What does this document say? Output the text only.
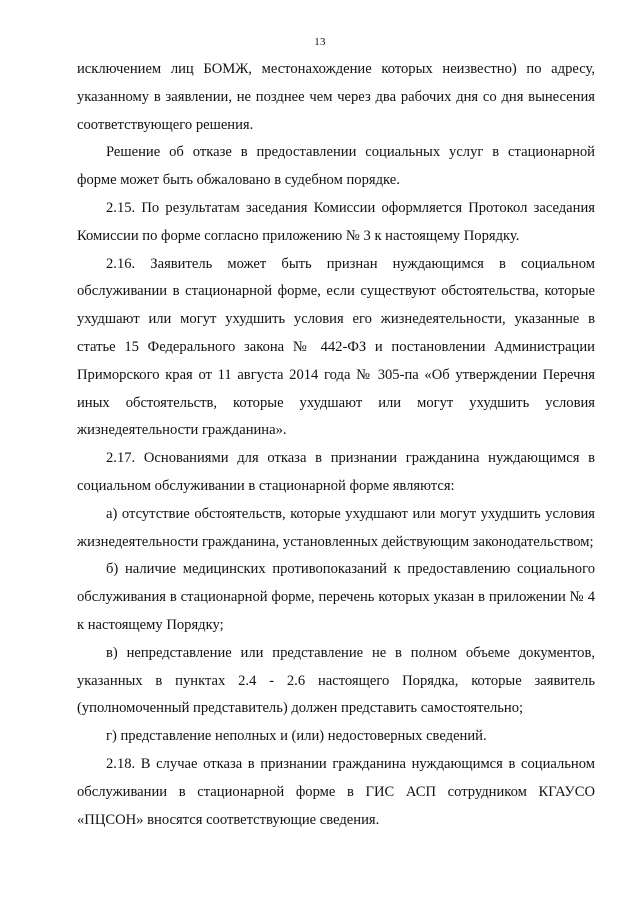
13

исключением лиц БОМЖ, местонахождение которых неизвестно) по адресу, указанному в заявлении, не позднее чем через два рабочих дня со дня вынесения соответствующего решения.

Решение об отказе в предоставлении социальных услуг в стационарной форме может быть обжаловано в судебном порядке.

2.15. По результатам заседания Комиссии оформляется Протокол заседания Комиссии по форме согласно приложению № 3 к настоящему Порядку.

2.16. Заявитель может быть признан нуждающимся в социальном обслуживании в стационарной форме, если существуют обстоятельства, которые ухудшают или могут ухудшить условия его жизнедеятельности, указанные в статье 15 Федерального закона № 442-ФЗ и постановлении Администрации Приморского края от 11 августа 2014 года № 305-па «Об утверждении Перечня иных обстоятельств, которые ухудшают или могут ухудшить условия жизнедеятельности гражданина».

2.17. Основаниями для отказа в признании гражданина нуждающимся в социальном обслуживании в стационарной форме являются:

а) отсутствие обстоятельств, которые ухудшают или могут ухудшить условия жизнедеятельности гражданина, установленных действующим законодательством;

б) наличие медицинских противопоказаний к предоставлению социального обслуживания в стационарной форме, перечень которых указан в приложении № 4 к настоящему Порядку;

в) непредставление или представление не в полном объеме документов, указанных в пунктах 2.4 - 2.6 настоящего Порядка, которые заявитель (уполномоченный представитель) должен представить самостоятельно;

г) представление неполных и (или) недостоверных сведений.

2.18. В случае отказа в признании гражданина нуждающимся в социальном обслуживании в стационарной форме в ГИС АСП сотрудником КГАУСО «ПЦСОН» вносятся соответствующие сведения.
